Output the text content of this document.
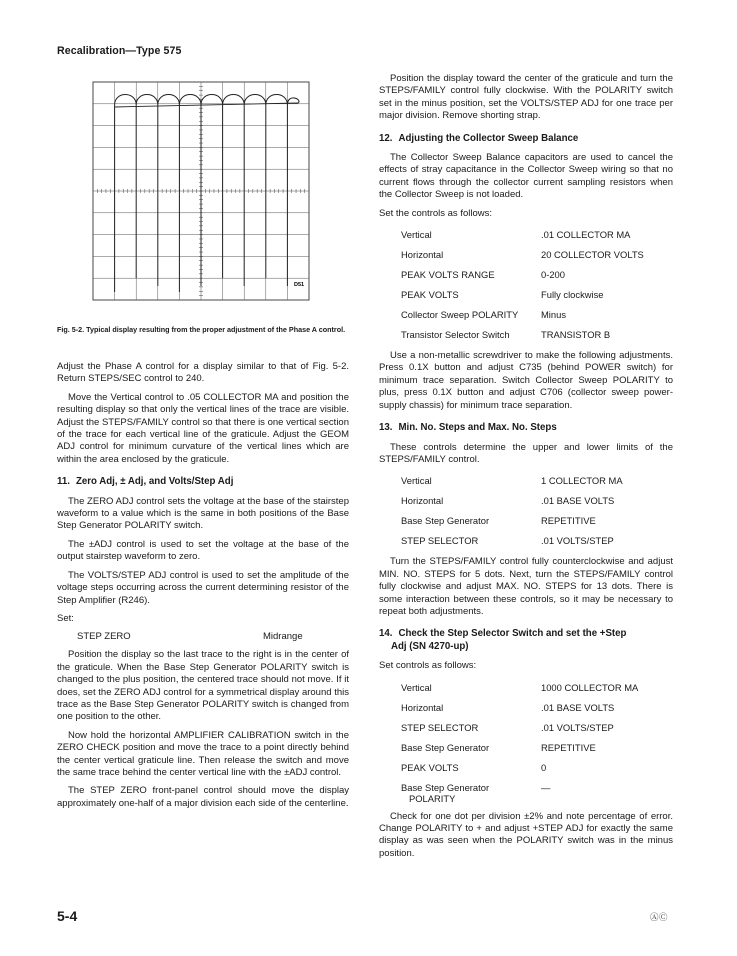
Recalibration—Type 575
D51
Fig. 5-2. Typical display resulting from the proper adjustment of the Phase A control.

Adjust the Phase A control for a display similar to that of Fig. 5-2. Return STEPS/SEC control to 240.

Move the Vertical control to .05 COLLECTOR MA and position the resulting display so that only the vertical lines of the trace are visible. Adjust the STEPS/FAMILY control so that there is one vertical section of the trace for each vertical line of the graticule. Adjust the GEOM ADJ control for minimum curvature of the vertical lines which are within the area enclosed by the graticule.

11. Zero Adj, ± Adj, and Volts/Step Adj

The ZERO ADJ control sets the voltage at the base of the stairstep waveform to a value which is the same in both positions of the Base Step Generator POLARITY switch.

The ±ADJ control is used to set the voltage at the base of the output stairstep waveform to zero.

The VOLTS/STEP ADJ control is used to set the amplitude of the voltage steps occurring across the current determining resistor of the Step Amplifier (R246).

Set:

STEP ZERO	Midrange

Position the display so the last trace to the right is in the center of the graticule. When the Base Step Generator POLARITY switch is changed to the plus position, the centered trace should not move. If it does, set the ZERO ADJ control for a symmetrical display around this trace as the Base Step Generator POLARITY switch is changed from one position to the other.

Now hold the horizontal AMPLIFIER CALIBRATION switch in the ZERO CHECK position and move the trace to a point directly behind the center vertical graticule line. Then release the switch and move the same trace behind the center vertical line with the ±ADJ control.

The STEP ZERO front-panel control should move the display approximately one-half of a major division each side of the centerline.

Position the display toward the center of the graticule and turn the STEPS/FAMILY control fully clockwise. With the POLARITY switch set in the minus position, set the VOLTS/STEP ADJ for one trace per major division. Remove shorting strap.

12. Adjusting the Collector Sweep Balance

The Collector Sweep Balance capacitors are used to cancel the effects of stray capacitance in the Collector Sweep wiring so that no current flows through the collector current sampling resistors when the Collector Sweep is not loaded.

Set the controls as follows:

Vertical	.01 COLLECTOR MA
Horizontal	20 COLLECTOR VOLTS
PEAK VOLTS RANGE	0-200
PEAK VOLTS	Fully clockwise
Collector Sweep POLARITY	Minus
Transistor Selector Switch	TRANSISTOR B

Use a non-metallic screwdriver to make the following adjustments. Press 0.1X button and adjust C735 (behind POWER switch) for minimum trace separation. Switch Collector Sweep POLARITY to plus, press 0.1X button and adjust C706 (collector sweep power-supply chassis) for minimum trace separation.

13. Min. No. Steps and Max. No. Steps

These controls determine the upper and lower limits of the STEPS/FAMILY control.

Vertical	1 COLLECTOR MA
Horizontal	.01 BASE VOLTS
Base Step Generator	REPETITIVE
STEP SELECTOR	.01 VOLTS/STEP

Turn the STEPS/FAMILY control fully counterclockwise and adjust MIN. NO. STEPS for 5 dots. Next, turn the STEPS/FAMILY control fully clockwise and adjust MAX. NO. STEPS for 13 dots. There is some interaction between these controls, so it may be necessary to repeat both adjustments.

14. Check the Step Selector Switch and set the +Step
Adj (SN 4270-up)

Set controls as follows:

Vertical	1000 COLLECTOR MA
Horizontal	.01 BASE VOLTS
STEP SELECTOR	.01 VOLTS/STEP
Base Step Generator	REPETITIVE
PEAK VOLTS	0
Base Step Generator
POLARITY	—

Check for one dot per division ±2% and note percentage of error. Change POLARITY to + and adjust +STEP ADJ for exactly the same display as was seen when the POLARITY switch was in the minus position.

5-4	ⒶⒸ
